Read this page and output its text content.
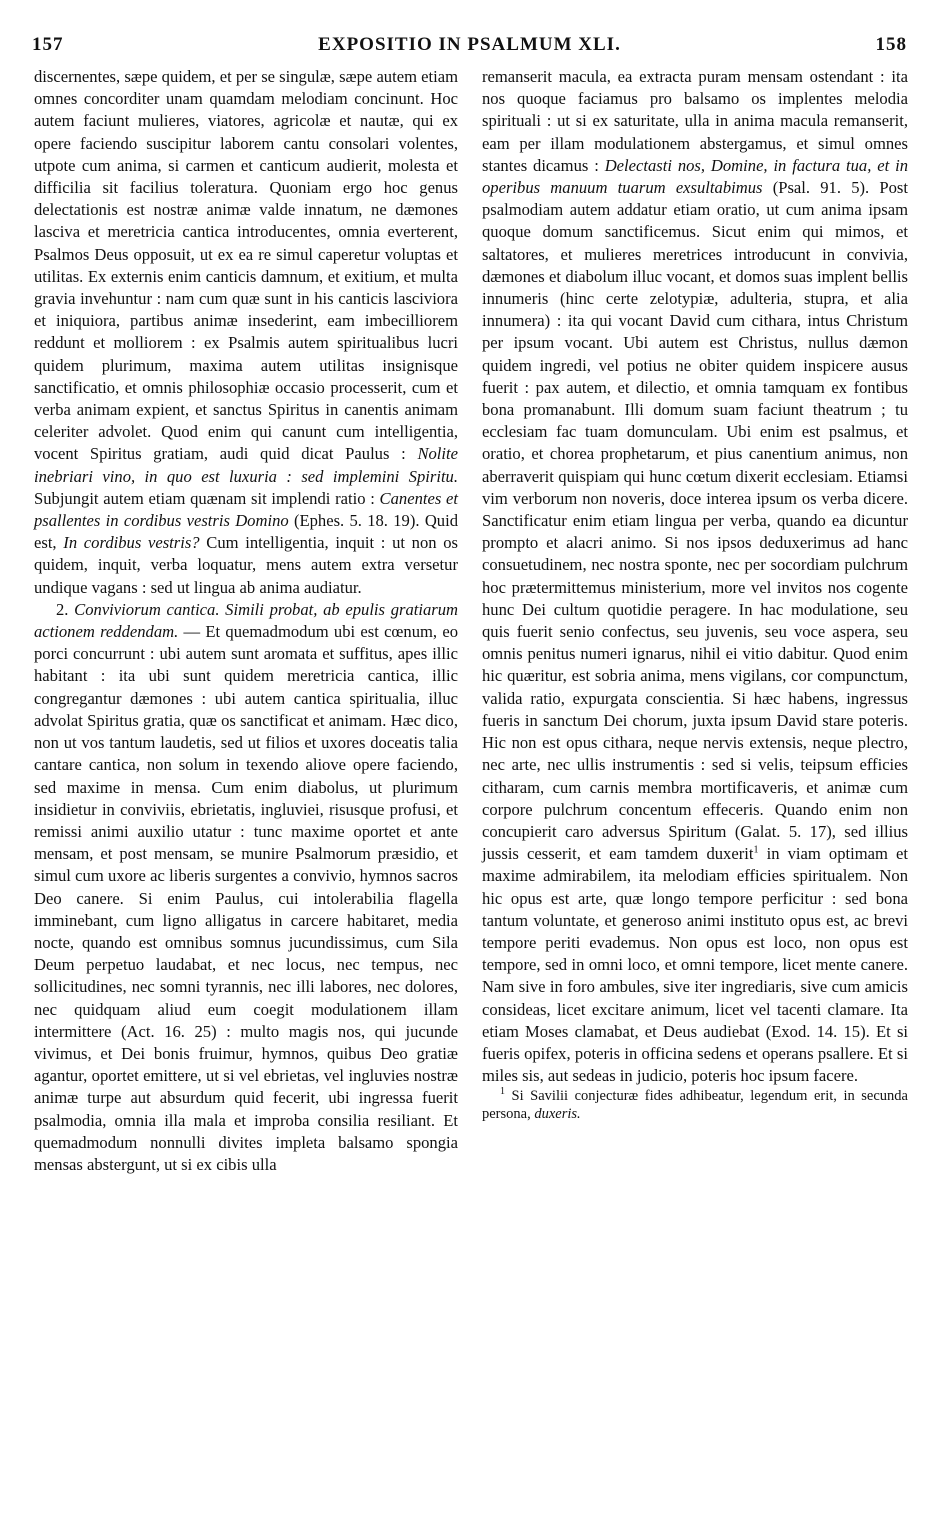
157	EXPOSITIO IN PSALMUM XLI.	158

discernentes, sæpe quidem, et per se singulæ, sæpe autem etiam omnes concorditer unam quamdam melodiam concinunt. Hoc autem faciunt mulieres, viatores, agricolæ et nautæ, qui ex opere faciendo suscipitur laborem cantu consolari volentes, utpote cum anima, si carmen et canticum audierit, molesta et difficilia sit facilius toleratura. Quoniam ergo hoc genus delectationis est nostræ animæ valde innatum, ne dæmones lasciva et meretricia cantica introducentes, omnia everterent, Psalmos Deus opposuit, ut ex ea re simul caperetur voluptas et utilitas. Ex externis enim canticis damnum, et exitium, et multa gravia invehuntur : nam cum quæ sunt in his canticis lasciviora et iniquiora, partibus animæ insederint, eam imbecilliorem reddunt et molliorem : ex Psalmis autem spiritualibus lucri quidem plurimum, maxima autem utilitas insignisque sanctificatio, et omnis philosophiæ occasio processerit, cum et verba animam expient, et sanctus Spiritus in canentis animam celeriter advolet. Quod enim qui canunt cum intelligentia, vocent Spiritus gratiam, audi quid dicat Paulus : Nolite inebriari vino, in quo est luxuria : sed implemini Spiritu. Subjungit autem etiam quænam sit implendi ratio : Canentes et psallentes in cordibus vestris Domino (Ephes. 5. 18. 19). Quid est, In cordibus vestris? Cum intelligentia, inquit : ut non os quidem, inquit, verba loquatur, mens autem extra versetur undique vagans : sed ut lingua ab anima audiatur.

2. Conviviorum cantica. Simili probat, ab epulis gratiarum actionem reddendam. — Et quemadmodum ubi est cœnum, eo porci concurrunt : ubi autem sunt aromata et suffitus, apes illic habitant : ita ubi sunt quidem meretricia cantica, illic congregantur dæmones : ubi autem cantica spiritualia, illuc advolat Spiritus gratia, quæ os sanctificat et animam. Hæc dico, non ut vos tantum laudetis, sed ut filios et uxores doceatis talia cantare cantica, non solum in texendo aliove opere faciendo, sed maxime in mensa. Cum enim diabolus, ut plurimum insidietur in conviviis, ebrietatis, ingluviei, risusque profusi, et remissi animi auxilio utatur : tunc maxime oportet et ante mensam, et post mensam, se munire Psalmorum præsidio, et simul cum uxore ac liberis surgentes a convivio, hymnos sacros Deo canere. Si enim Paulus, cui intolerabilia flagella imminebant, cum ligno alligatus in carcere habitaret, media nocte, quando est omnibus somnus jucundissimus, cum Sila Deum perpetuo laudabat, et nec locus, nec tempus, nec sollicitudines, nec somni tyrannis, nec illi labores, nec dolores, nec quidquam aliud eum coegit modulationem illam intermittere (Act. 16. 25) : multo magis nos, qui jucunde vivimus, et Dei bonis fruimur, hymnos, quibus Deo gratiæ agantur, oportet emittere, ut si vel ebrietas, vel ingluvies nostræ animæ turpe aut absurdum quid fecerit, ubi ingressa fuerit psalmodia, omnia illa mala et improba consilia resiliant. Et quemadmodum nonnulli divites impleta balsamo spongia mensas abstergunt, ut si ex cibis ulla

remanserit macula, ea extracta puram mensam ostendant : ita nos quoque faciamus pro balsamo os implentes melodia spirituali : ut si ex saturitate, ulla in anima macula remanserit, eam per illam modulationem abstergamus, et simul omnes stantes dicamus : Delectasti nos, Domine, in factura tua, et in operibus manuum tuarum exsultabimus (Psal. 91. 5). Post psalmodiam autem addatur etiam oratio, ut cum anima ipsam quoque domum sanctificemus. Sicut enim qui mimos, et saltatores, et mulieres meretrices introducunt in convivia, dæmones et diabolum illuc vocant, et domos suas implent bellis innumeris (hinc certe zelotypiæ, adulteria, stupra, et alia innumera) : ita qui vocant David cum cithara, intus Christum per ipsum vocant. Ubi autem est Christus, nullus dæmon quidem ingredi, vel potius ne obiter quidem inspicere ausus fuerit : pax autem, et dilectio, et omnia tamquam ex fontibus bona promanabunt. Illi domum suam faciunt theatrum ; tu ecclesiam fac tuam domunculam. Ubi enim est psalmus, et oratio, et chorea prophetarum, et pius canentium animus, non aberraverit quispiam qui hunc cœtum dixerit ecclesiam. Etiamsi vim verborum non noveris, doce interea ipsum os verba dicere. Sanctificatur enim etiam lingua per verba, quando ea dicuntur prompto et alacri animo. Si nos ipsos deduxerimus ad hanc consuetudinem, nec nostra sponte, nec per socordiam pulchrum hoc prætermittemus ministerium, more vel invitos nos cogente hunc Dei cultum quotidie peragere. In hac modulatione, seu quis fuerit senio confectus, seu juvenis, seu voce aspera, seu omnis penitus numeri ignarus, nihil ei vitio dabitur. Quod enim hic quæritur, est sobria anima, mens vigilans, cor compunctum, valida ratio, expurgata conscientia. Si hæc habens, ingressus fueris in sanctum Dei chorum, juxta ipsum David stare poteris. Hic non est opus cithara, neque nervis extensis, neque plectro, nec arte, nec ullis instrumentis : sed si velis, teipsum efficies citharam, cum carnis membra mortificaveris, et animæ cum corpore pulchrum concentum effeceris. Quando enim non concupierit caro adversus Spiritum (Galat. 5. 17), sed illius jussis cesserit, et eam tamdem duxerit$^1$ in viam optimam et maxime admirabilem, ita melodiam efficies spiritualem. Non hic opus est arte, quæ longo tempore perficitur : sed bona tantum voluntate, et generoso animi instituto opus est, ac brevi tempore periti evademus. Non opus est loco, non opus est tempore, sed in omni loco, et omni tempore, licet mente canere. Nam sive in foro ambules, sive iter ingrediaris, sive cum amicis consideas, licet excitare animum, licet vel tacenti clamare. Ita etiam Moses clamabat, et Deus audiebat (Exod. 14. 15). Et si fueris opifex, poteris in officina sedens et operans psallere. Et si miles sis, aut sedeas in judicio, poteris hoc ipsum facere.

$^1$ Si Savilii conjecturæ fides adhibeatur, legendum erit, in secunda persona, duxeris.
